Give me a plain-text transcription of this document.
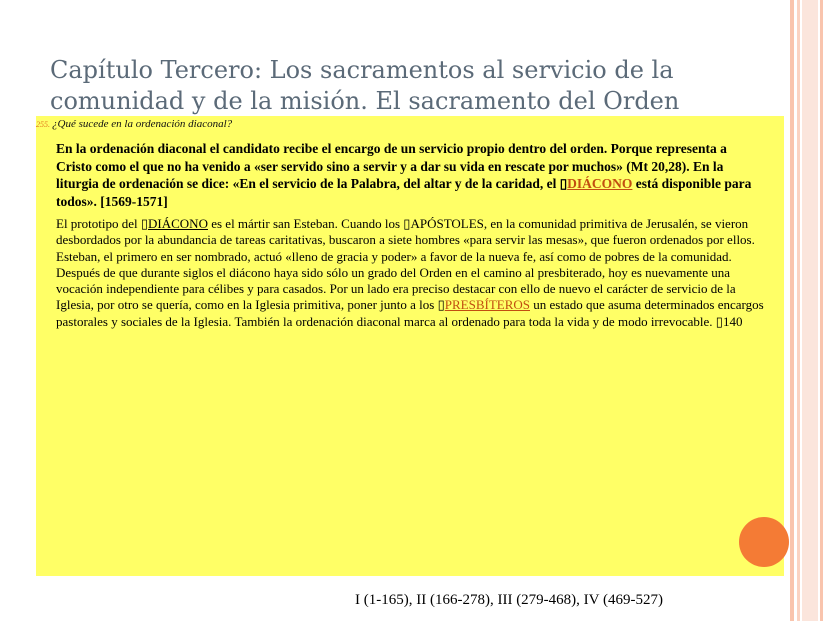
Capítulo Tercero: Los sacramentos al servicio de la comunidad y de la misión. El sacramento del Orden
255. ¿Qué sucede en la ordenación diaconal?
En la ordenación diaconal el candidato recibe el encargo de un servicio propio dentro del orden. Porque representa a Cristo como el que no ha venido a «ser servido sino a servir y a dar su vida en rescate por muchos» (Mt 20,28). En la liturgia de ordenación se dice: «En el servicio de la Palabra, del altar y de la caridad, el ▯DIÁCONO está disponible para todos». [1569-1571]
El prototipo del ▯DIÁCONO es el mártir san Esteban. Cuando los ▯APÓSTOLES, en la comunidad primitiva de Jerusalén, se vieron desbordados por la abundancia de tareas caritativas, buscaron a siete hombres «para servir las mesas», que fueron ordenados por ellos. Esteban, el primero en ser nombrado, actuó «lleno de gracia y poder» a favor de la nueva fe, así como de pobres de la comunidad. Después de que durante siglos el diácono haya sido sólo un grado del Orden en el camino al presbiterado, hoy es nuevamente una vocación independiente para célibes y para casados. Por un lado era preciso destacar con ello de nuevo el carácter de servicio de la Iglesia, por otro se quería, como en la Iglesia primitiva, poner junto a los ▯PRESBÍTEROS un estado que asuma determinados encargos pastorales y sociales de la Iglesia. También la ordenación diaconal marca al ordenado para toda la vida y de modo irrevocable. ▯140
I (1-165), II (166-278), III (279-468), IV (469-527)
